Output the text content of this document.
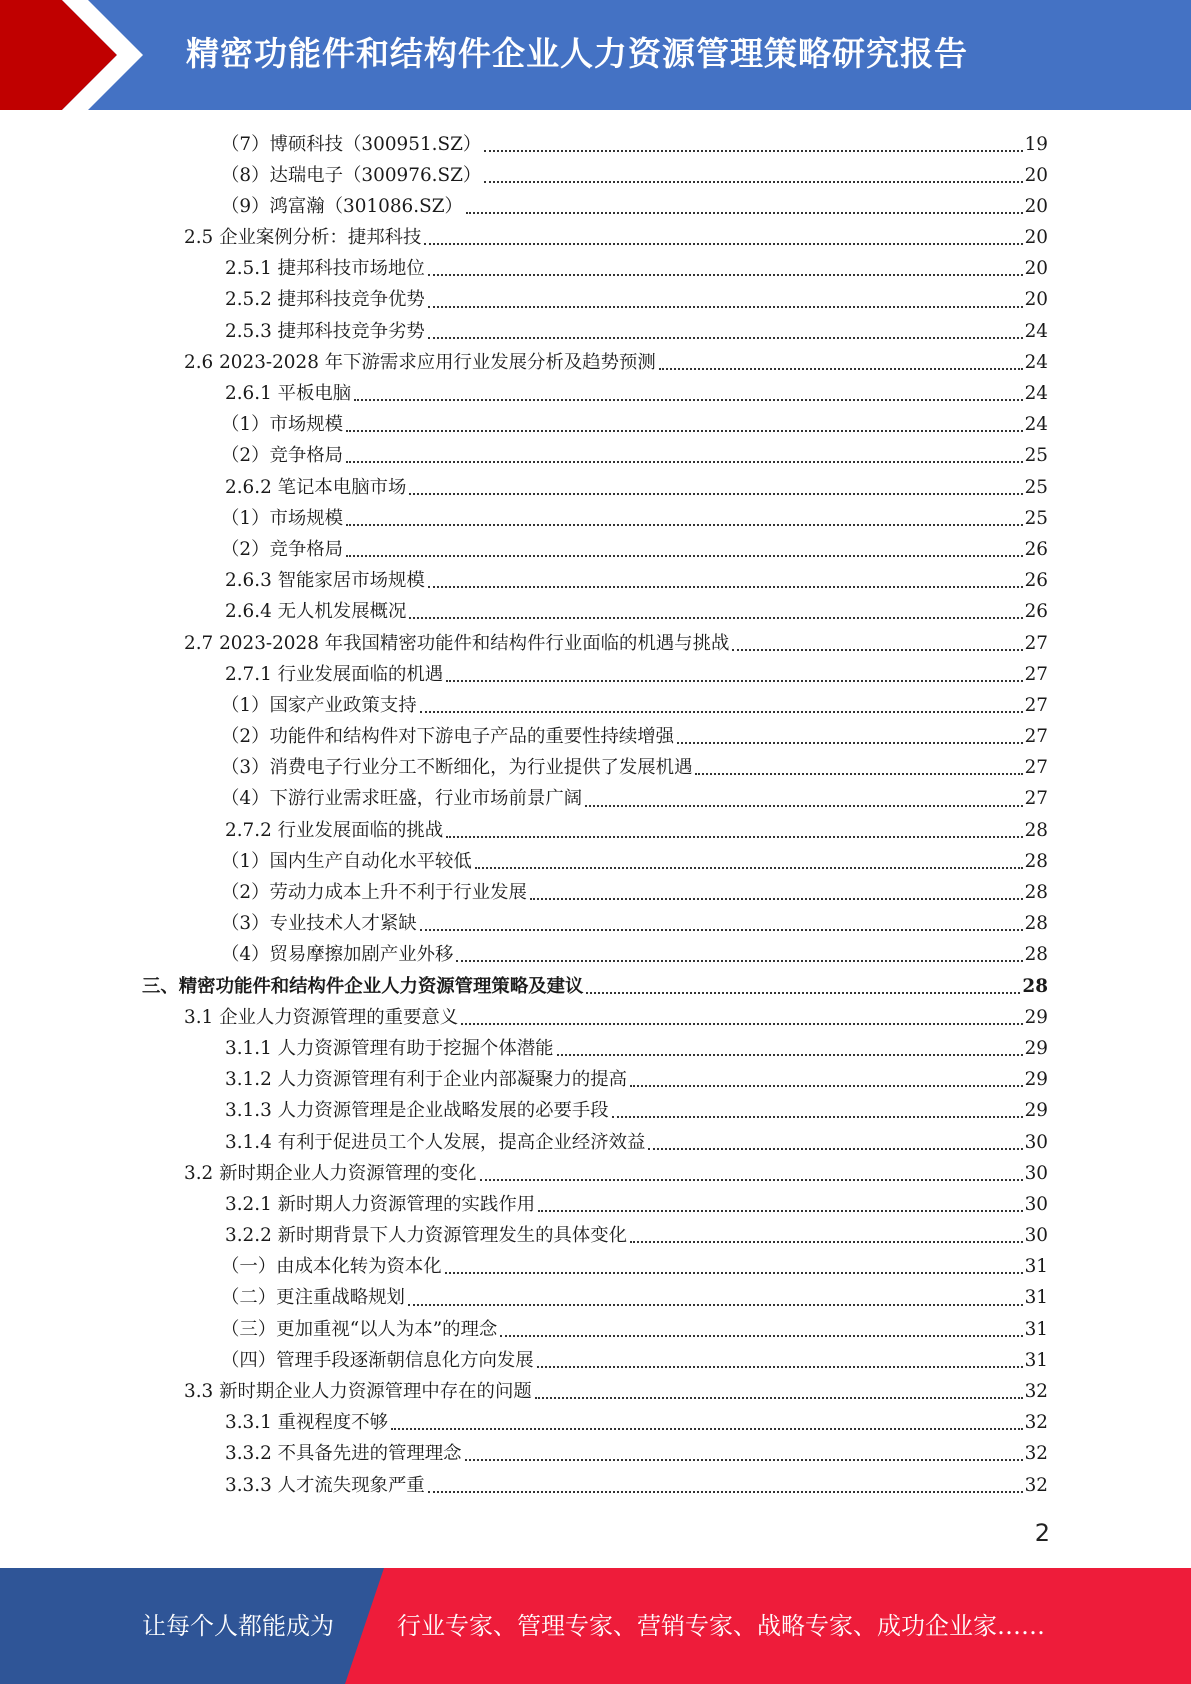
精密功能件和结构件企业人力资源管理策略研究报告
（7）博硕科技（300951.SZ）	19
（8）达瑞电子（300976.SZ）	20
（9）鸿富瀚（301086.SZ）	20
2.5 企业案例分析：捷邦科技	20
2.5.1 捷邦科技市场地位	20
2.5.2 捷邦科技竞争优势	20
2.5.3 捷邦科技竞争劣势	24
2.6 2023-2028 年下游需求应用行业发展分析及趋势预测	24
2.6.1 平板电脑	24
（1）市场规模	24
（2）竞争格局	25
2.6.2 笔记本电脑市场	25
（1）市场规模	25
（2）竞争格局	26
2.6.3 智能家居市场规模	26
2.6.4 无人机发展概况	26
2.7 2023-2028 年我国精密功能件和结构件行业面临的机遇与挑战	27
2.7.1 行业发展面临的机遇	27
（1）国家产业政策支持	27
（2）功能件和结构件对下游电子产品的重要性持续增强	27
（3）消费电子行业分工不断细化，为行业提供了发展机遇	27
（4）下游行业需求旺盛，行业市场前景广阔	27
2.7.2 行业发展面临的挑战	28
（1）国内生产自动化水平较低	28
（2）劳动力成本上升不利于行业发展	28
（3）专业技术人才紧缺	28
（4）贸易摩擦加剧产业外移	28
三、精密功能件和结构件企业人力资源管理策略及建议	28
3.1 企业人力资源管理的重要意义	29
3.1.1 人力资源管理有助于挖掘个体潜能	29
3.1.2 人力资源管理有利于企业内部凝聚力的提高	29
3.1.3 人力资源管理是企业战略发展的必要手段	29
3.1.4 有利于促进员工个人发展，提高企业经济效益	30
3.2 新时期企业人力资源管理的变化	30
3.2.1 新时期人力资源管理的实践作用	30
3.2.2 新时期背景下人力资源管理发生的具体变化	30
（一）由成本化转为资本化	31
（二）更注重战略规划	31
（三）更加重视“以人为本”的理念	31
（四）管理手段逐渐朝信息化方向发展	31
3.3 新时期企业人力资源管理中存在的问题	32
3.3.1 重视程度不够	32
3.3.2 不具备先进的管理理念	32
3.3.3 人才流失现象严重	32
2
让每个人都能成为	行业专家、管理专家、营销专家、战略专家、成功企业家……
